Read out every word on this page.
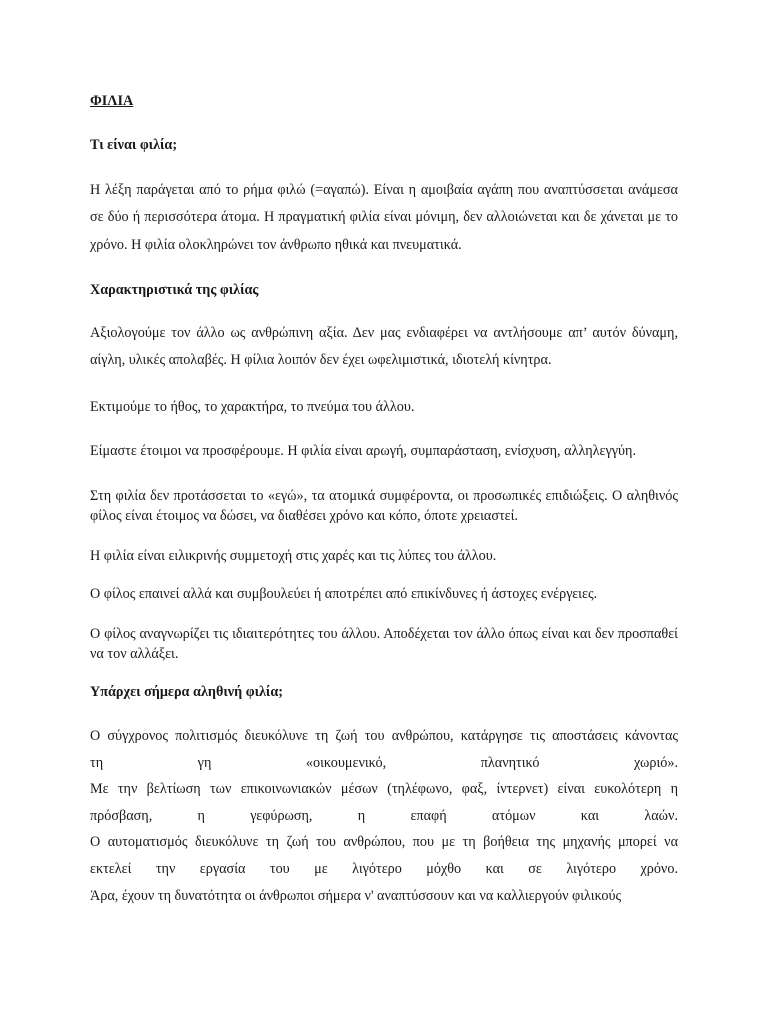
ΦΙΛΙΑ
Τι είναι φιλία;

Η λέξη παράγεται από το ρήμα φιλώ (=αγαπώ). Είναι η αμοιβαία αγάπη που αναπτύσσεται ανάμεσα σε δύο ή περισσότερα άτομα. Η πραγματική φιλία είναι μόνιμη, δεν αλλοιώνεται και δε χάνεται με το χρόνο. Η φιλία ολοκληρώνει τον άνθρωπο ηθικά και πνευματικά.

Χαρακτηριστικά της φιλίας

Αξιολογούμε τον άλλο ως ανθρώπινη αξία. Δεν μας ενδιαφέρει να αντλήσουμε απ’ αυτόν δύναμη, αίγλη, υλικές απολαβές. Η φίλια λοιπόν δεν έχει ωφελιμιστικά, ιδιοτελή κίνητρα.

Εκτιμούμε το ήθος, το χαρακτήρα, το πνεύμα του άλλου.

Είμαστε έτοιμοι να προσφέρουμε. Η φιλία είναι αρωγή, συμπαράσταση, ενίσχυση, αλληλεγγύη.

Στη φιλία δεν προτάσσεται το «εγώ», τα ατομικά συμφέροντα, οι προσωπικές επιδιώξεις. Ο αληθινός φίλος είναι έτοιμος να δώσει, να διαθέσει χρόνο και κόπο, όποτε χρειαστεί.

Η φιλία είναι ειλικρινής συμμετοχή στις χαρές και τις λύπες του άλλου.

Ο φίλος επαινεί αλλά και συμβουλεύει ή αποτρέπει από επικίνδυνες ή άστοχες ενέργειες.

Ο φίλος αναγνωρίζει τις ιδιαιτερότητες του άλλου. Αποδέχεται τον άλλο όπως είναι και δεν προσπαθεί να τον αλλάξει.

Υπάρχει σήμερα αληθινή φιλία;
Ο σύγχρονος πολιτισμός διευκόλυνε τη ζωή του ανθρώπου, κατάργησε τις αποστάσεις κάνοντας
τη γη «οικουμενικό, πλανητικό χωριό».
Με την βελτίωση των επικοινωνιακών μέσων (τηλέφωνο, φαξ, ίντερνετ) είναι ευκολότερη η
πρόσβαση, η γεφύρωση, η επαφή ατόμων και λαών.
Ο αυτοματισμός διευκόλυνε τη ζωή του ανθρώπου, που με τη βοήθεια της μηχανής μπορεί να
εκτελεί την εργασία του με λιγότερο μόχθο και σε λιγότερο χρόνο.
Άρα, έχουν τη δυνατότητα οι άνθρωποι σήμερα ν' αναπτύσσουν και να καλλιεργούν φιλικούς
